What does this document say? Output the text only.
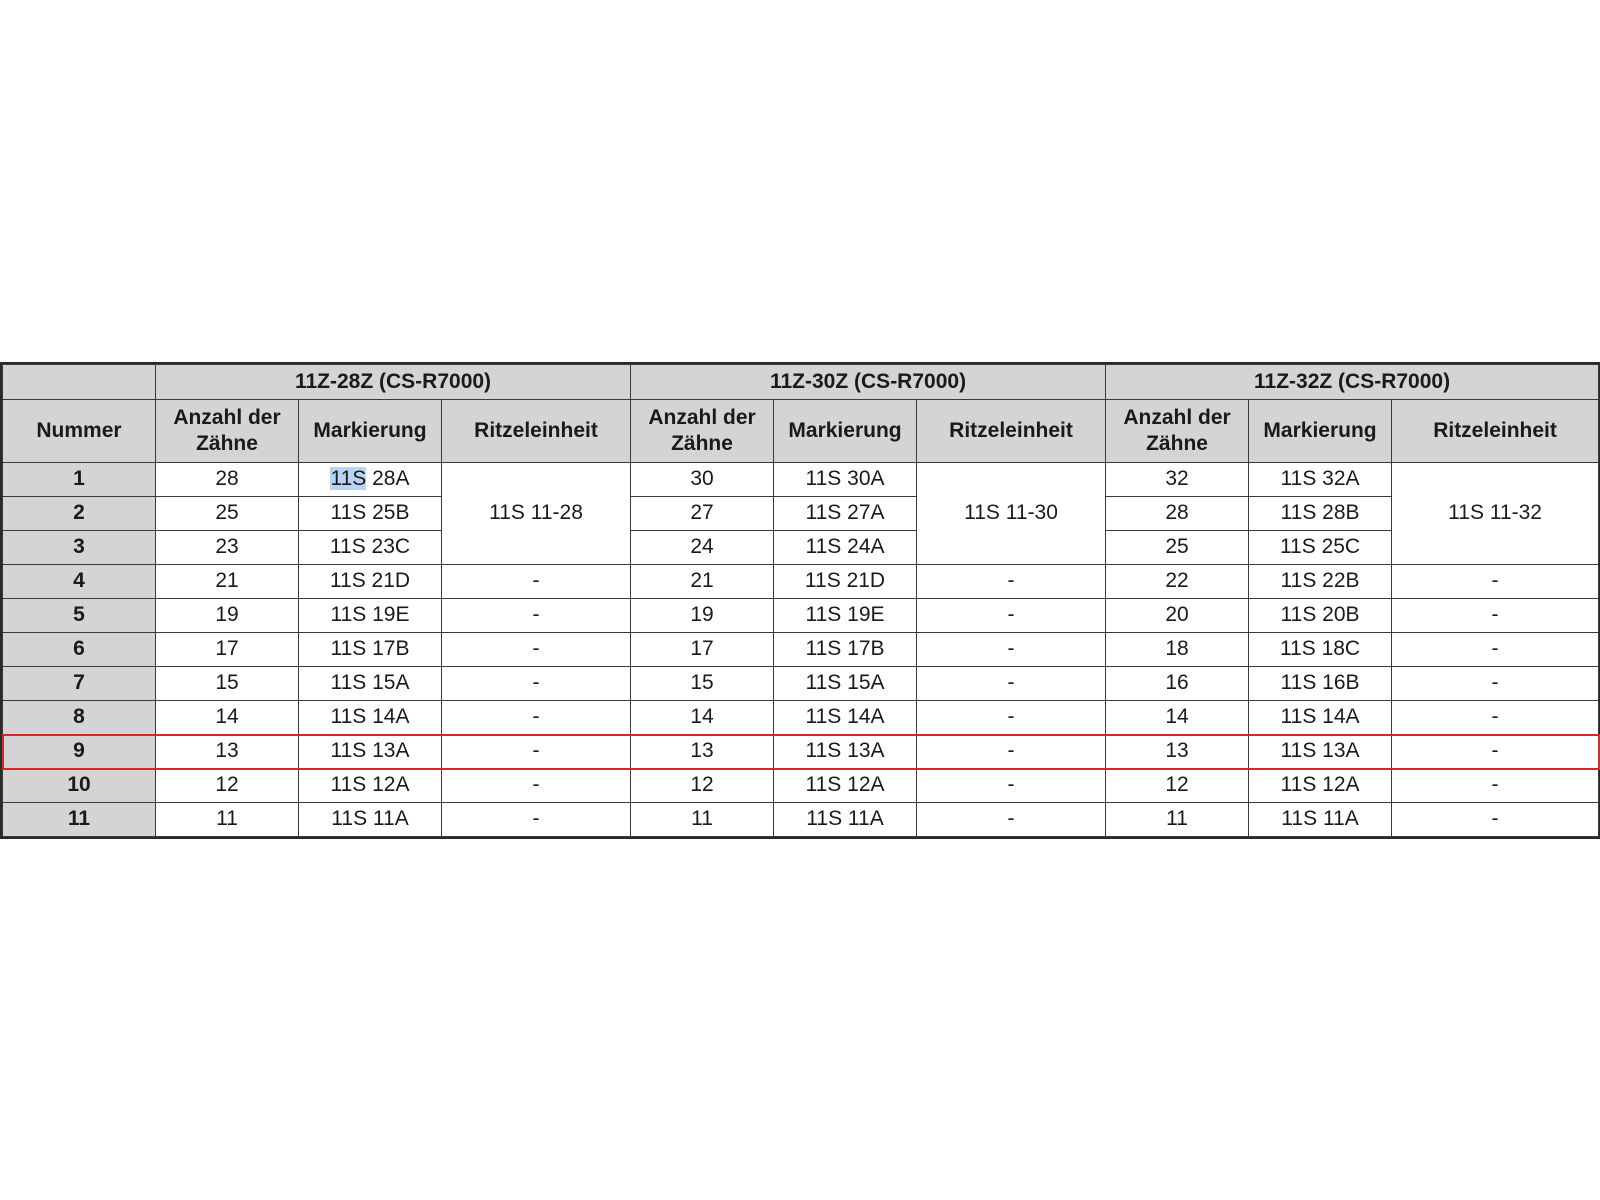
	11Z-28Z (CS-R7000)			11Z-30Z (CS-R7000)			11Z-32Z (CS-R7000)		
Nummer	Anzahl der Zähne	Markierung	Ritzeleinheit	Anzahl der Zähne	Markierung	Ritzeleinheit	Anzahl der Zähne	Markierung	Ritzeleinheit
1	28	11S 28A	11S 11-28	30	11S 30A	11S 11-30	32	11S 32A	11S 11-32
2	25	11S 25B		27	11S 27A		28	11S 28B	
3	23	11S 23C		24	11S 24A		25	11S 25C	
4	21	11S 21D	-	21	11S 21D	-	22	11S 22B	-
5	19	11S 19E	-	19	11S 19E	-	20	11S 20B	-
6	17	11S 17B	-	17	11S 17B	-	18	11S 18C	-
7	15	11S 15A	-	15	11S 15A	-	16	11S 16B	-
8	14	11S 14A	-	14	11S 14A	-	14	11S 14A	-
9	13	11S 13A	-	13	11S 13A	-	13	11S 13A	-
10	12	11S 12A	-	12	11S 12A	-	12	11S 12A	-
11	11	11S 11A	-	11	11S 11A	-	11	11S 11A	-
